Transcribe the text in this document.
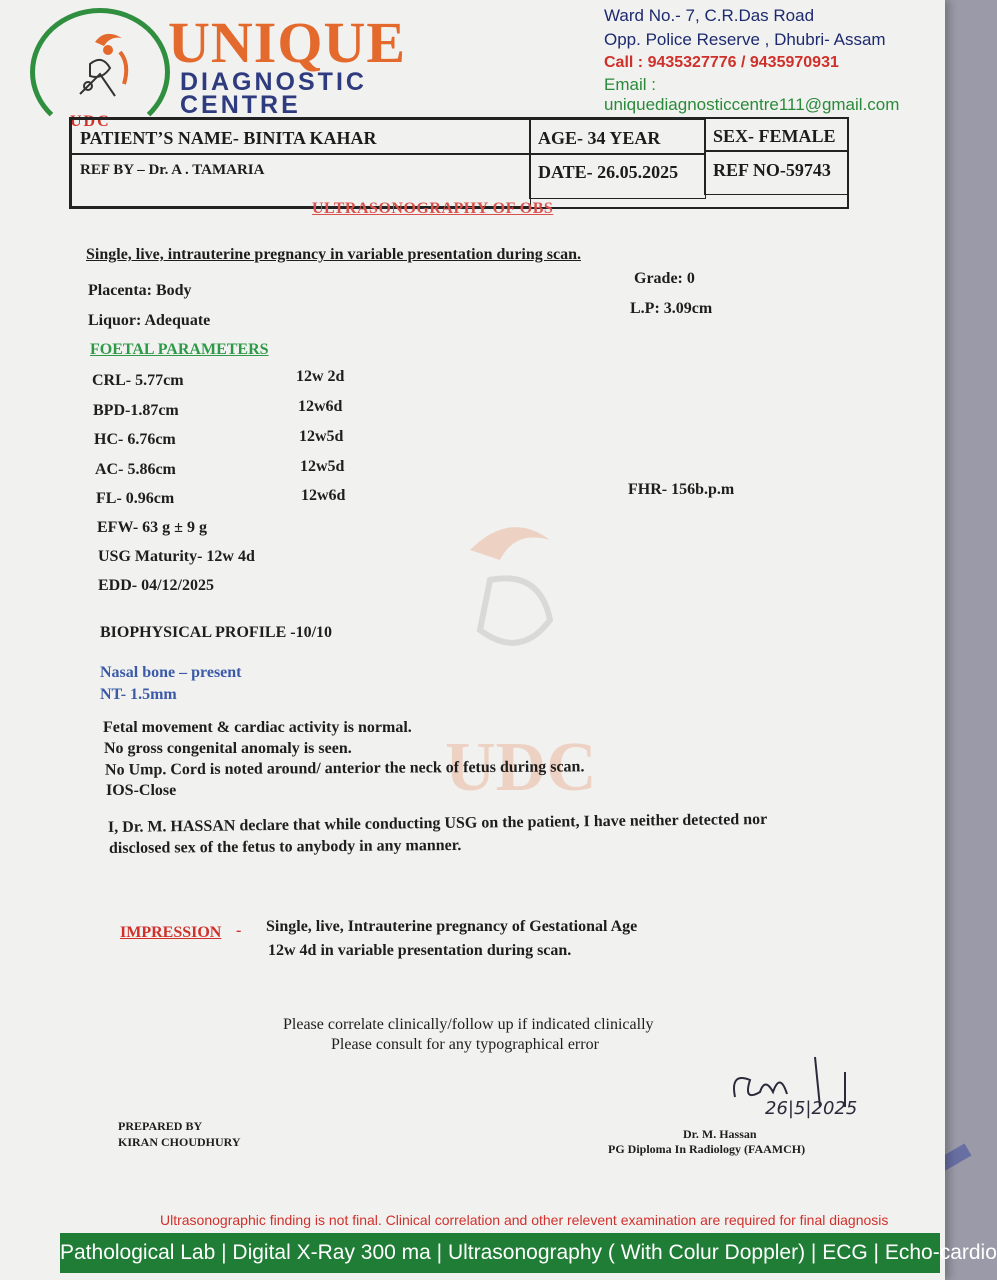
UDC
UNIQUE
DIAGNOSTIC
CENTRE
Ward No.- 7, C.R.Das Road
Opp. Police Reserve , Dhubri- Assam
Call : 9435327776 / 9435970931
Email : uniquediagnosticcentre111@gmail.com
PATIENT’S NAME- BINITA KAHAR	AGE- 34 YEAR	SEX- FEMALE
REF BY – Dr. A . TAMARIA	DATE- 26.05.2025	REF NO-59743
ULTRASONOGRAPHY OF OBS
UDC
Single, live, intrauterine pregnancy in variable presentation during scan.
Placenta: Body
Liquor: Adequate
Grade: 0
L.P: 3.09cm
FOETAL PARAMETERS
CRL- 5.77cm	12w 2d
BPD-1.87cm	12w6d
HC- 6.76cm	12w5d
AC- 5.86cm	12w5d
FL- 0.96cm	12w6d	FHR- 156b.p.m
EFW- 63 g ± 9 g
USG Maturity- 12w 4d
EDD- 04/12/2025
BIOPHYSICAL PROFILE -10/10
Nasal bone – present
NT- 1.5mm
Fetal movement & cardiac activity is normal.
No gross congenital anomaly is seen.
No Ump. Cord is noted around/ anterior the neck of fetus during scan.
IOS-Close
I, Dr. M. HASSAN declare that while conducting USG on the patient, I have neither detected nor
disclosed sex of the fetus to anybody in any manner.
IMPRESSION - Single, live, Intrauterine pregnancy of Gestational Age
12w 4d in variable presentation during scan.
Please correlate clinically/follow up if indicated clinically
Please consult for any typographical error
PREPARED BY
KIRAN CHOUDHURY
26|5|2025
Dr. M. Hassan
PG Diploma In Radiology (FAAMCH)
Ultrasonographic finding is not final. Clinical correlation and other relevent examination are required for final diagnosis
Pathological Lab | Digital X-Ray 300 ma | Ultrasonography ( With Colur Doppler) | ECG | Echo-cardio
